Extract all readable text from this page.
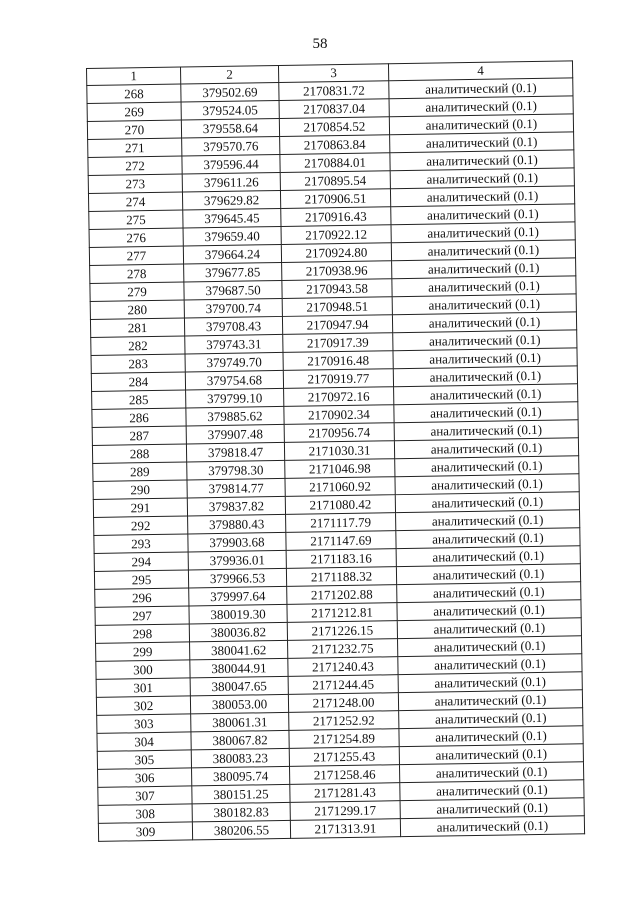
58
1	2	3	4
268	379502.69	2170831.72	аналитический (0.1)
269	379524.05	2170837.04	аналитический (0.1)
270	379558.64	2170854.52	аналитический (0.1)
271	379570.76	2170863.84	аналитический (0.1)
272	379596.44	2170884.01	аналитический (0.1)
273	379611.26	2170895.54	аналитический (0.1)
274	379629.82	2170906.51	аналитический (0.1)
275	379645.45	2170916.43	аналитический (0.1)
276	379659.40	2170922.12	аналитический (0.1)
277	379664.24	2170924.80	аналитический (0.1)
278	379677.85	2170938.96	аналитический (0.1)
279	379687.50	2170943.58	аналитический (0.1)
280	379700.74	2170948.51	аналитический (0.1)
281	379708.43	2170947.94	аналитический (0.1)
282	379743.31	2170917.39	аналитический (0.1)
283	379749.70	2170916.48	аналитический (0.1)
284	379754.68	2170919.77	аналитический (0.1)
285	379799.10	2170972.16	аналитический (0.1)
286	379885.62	2170902.34	аналитический (0.1)
287	379907.48	2170956.74	аналитический (0.1)
288	379818.47	2171030.31	аналитический (0.1)
289	379798.30	2171046.98	аналитический (0.1)
290	379814.77	2171060.92	аналитический (0.1)
291	379837.82	2171080.42	аналитический (0.1)
292	379880.43	2171117.79	аналитический (0.1)
293	379903.68	2171147.69	аналитический (0.1)
294	379936.01	2171183.16	аналитический (0.1)
295	379966.53	2171188.32	аналитический (0.1)
296	379997.64	2171202.88	аналитический (0.1)
297	380019.30	2171212.81	аналитический (0.1)
298	380036.82	2171226.15	аналитический (0.1)
299	380041.62	2171232.75	аналитический (0.1)
300	380044.91	2171240.43	аналитический (0.1)
301	380047.65	2171244.45	аналитический (0.1)
302	380053.00	2171248.00	аналитический (0.1)
303	380061.31	2171252.92	аналитический (0.1)
304	380067.82	2171254.89	аналитический (0.1)
305	380083.23	2171255.43	аналитический (0.1)
306	380095.74	2171258.46	аналитический (0.1)
307	380151.25	2171281.43	аналитический (0.1)
308	380182.83	2171299.17	аналитический (0.1)
309	380206.55	2171313.91	аналитический (0.1)
